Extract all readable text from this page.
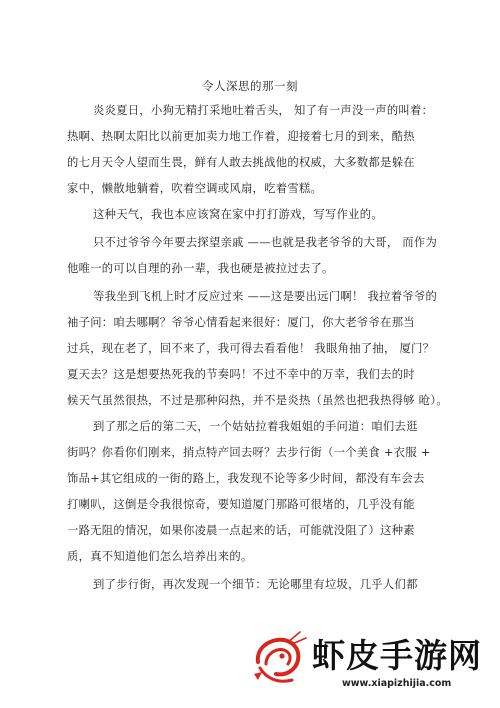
令人深思的那一刻
炎炎夏日，小狗无精打采地吐着舌头， 知了有一声没一声的叫着：
热啊、热啊太阳比以前更加卖力地工作着，迎接着七月的到来，酷热
的七月天令人望而生畏，鲜有人敢去挑战他的权威，大多数都是躲在
家中，懒散地躺着，吹着空调或风扇，吃着雪糕。
这种天气，我也本应该窝在家中打打游戏，写写作业的。
只不过爷爷今年要去探望亲戚 ——也就是我老爷爷的大哥， 而作为
他唯一的可以自理的孙一辈，我也硬是被拉过去了。
等我坐到飞机上时才反应过来 ——这是要出远门啊！ 我拉着爷爷的
袖子问：咱去哪啊？爷爷心情看起来很好：厦门，你大老爷爷在那当
过兵，现在老了，回不来了，我可得去看看他！ 我眼角抽了抽， 厦门？
夏天去？这是想要热死我的节奏吗！不过不幸中的万幸，我们去的时
候天气虽然很热，不过是那种闷热，并不是炎热（虽然也把我热得够 呛）。
到了那之后的第二天，一个姑姑拉着我姐姐的手问道：咱们去逛
街吗？你看你们刚来，捎点特产回去呀？去步行街（一个美食 +衣服 +
饰品+其它组成的一街的路上，我发现不论等多少时间，都没有车会去
打喇叭，这倒是令我很惊奇，要知道厦门那路可很堵的，几乎没有能
一路无阻的情况，如果你凌晨一点起来的话，可能就没阻了）这种素
质，真不知道他们怎么培养出来的。
到了步行街，再次发现一个细节：无论哪里有垃圾，几乎人们都
虾皮手游网
www.xiapizhijia.com
